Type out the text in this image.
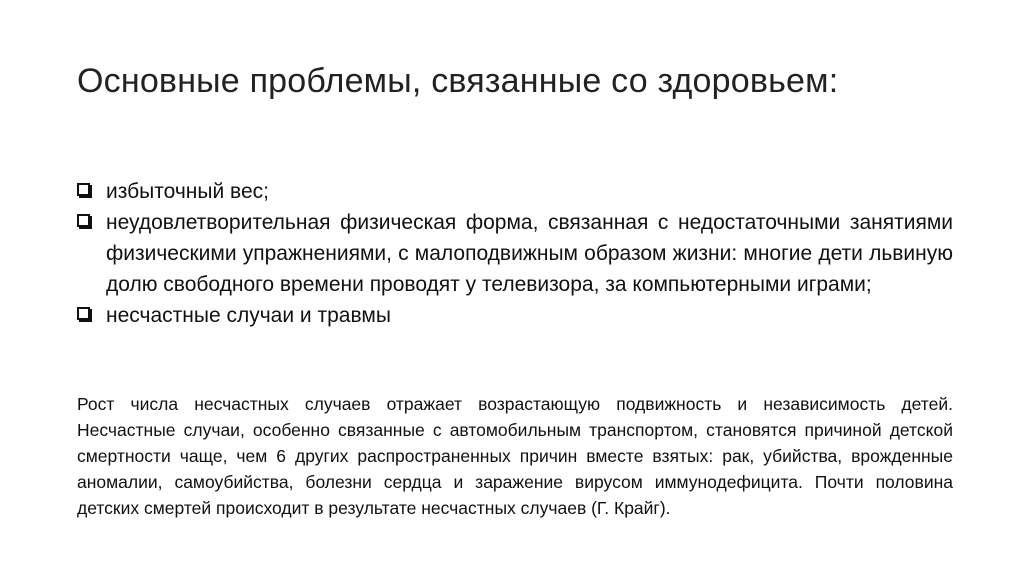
Основные проблемы, связанные со здоровьем:
избыточный вес;
неудовлетворительная физическая форма, связанная с недостаточными занятиями физическими упражнениями, с малоподвижным образом жизни: многие дети львиную долю свободного времени проводят у телевизора, за компьютерными играми;
несчастные случаи и травмы

Рост числа несчастных случаев отражает возрастающую подвижность и независимость детей. Несчастные случаи, особенно связанные с автомобильным транспортом, становятся причиной детской смертности чаще, чем 6 других распространенных причин вместе взятых: рак, убийства, врожденные аномалии, самоубийства, болезни сердца и заражение вирусом иммунодефицита. Почти половина детских смертей происходит в результате несчастных случаев (Г. Крайг).
